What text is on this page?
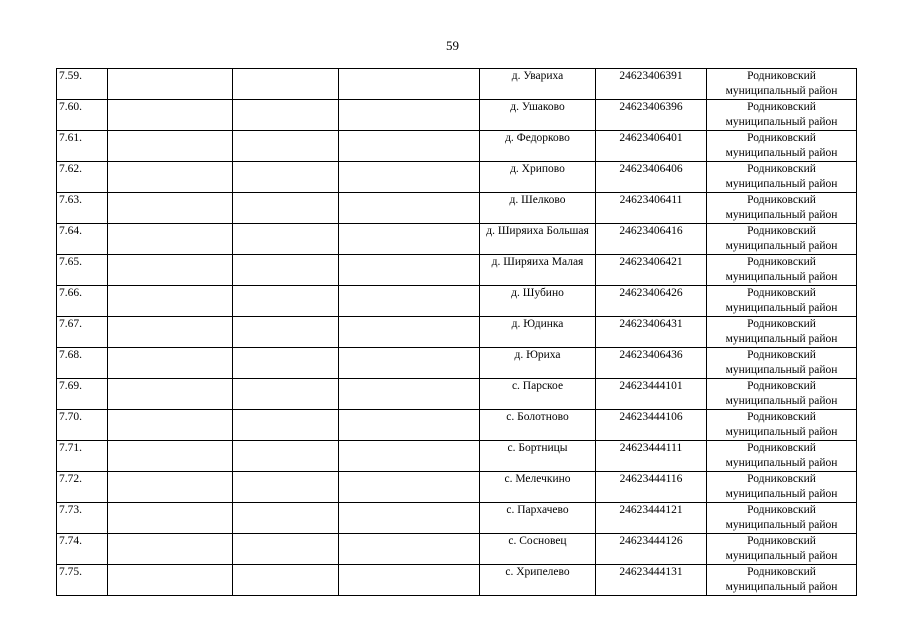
59
7.59.				д. Увариха	24623406391	Родниковский муниципальный район
7.60.				д. Ушаково	24623406396	Родниковский муниципальный район
7.61.				д. Федорково	24623406401	Родниковский муниципальный район
7.62.				д. Хрипово	24623406406	Родниковский муниципальный район
7.63.				д. Шелково	24623406411	Родниковский муниципальный район
7.64.				д. Ширяиха Большая	24623406416	Родниковский муниципальный район
7.65.				д. Ширяиха Малая	24623406421	Родниковский муниципальный район
7.66.				д. Шубино	24623406426	Родниковский муниципальный район
7.67.				д. Юдинка	24623406431	Родниковский муниципальный район
7.68.				д. Юриха	24623406436	Родниковский муниципальный район
7.69.				с. Парское	24623444101	Родниковский муниципальный район
7.70.				с. Болотново	24623444106	Родниковский муниципальный район
7.71.				с. Бортницы	24623444111	Родниковский муниципальный район
7.72.				с. Мелечкино	24623444116	Родниковский муниципальный район
7.73.				с. Пархачево	24623444121	Родниковский муниципальный район
7.74.				с. Сосновец	24623444126	Родниковский муниципальный район
7.75.				с. Хрипелево	24623444131	Родниковский муниципальный район
